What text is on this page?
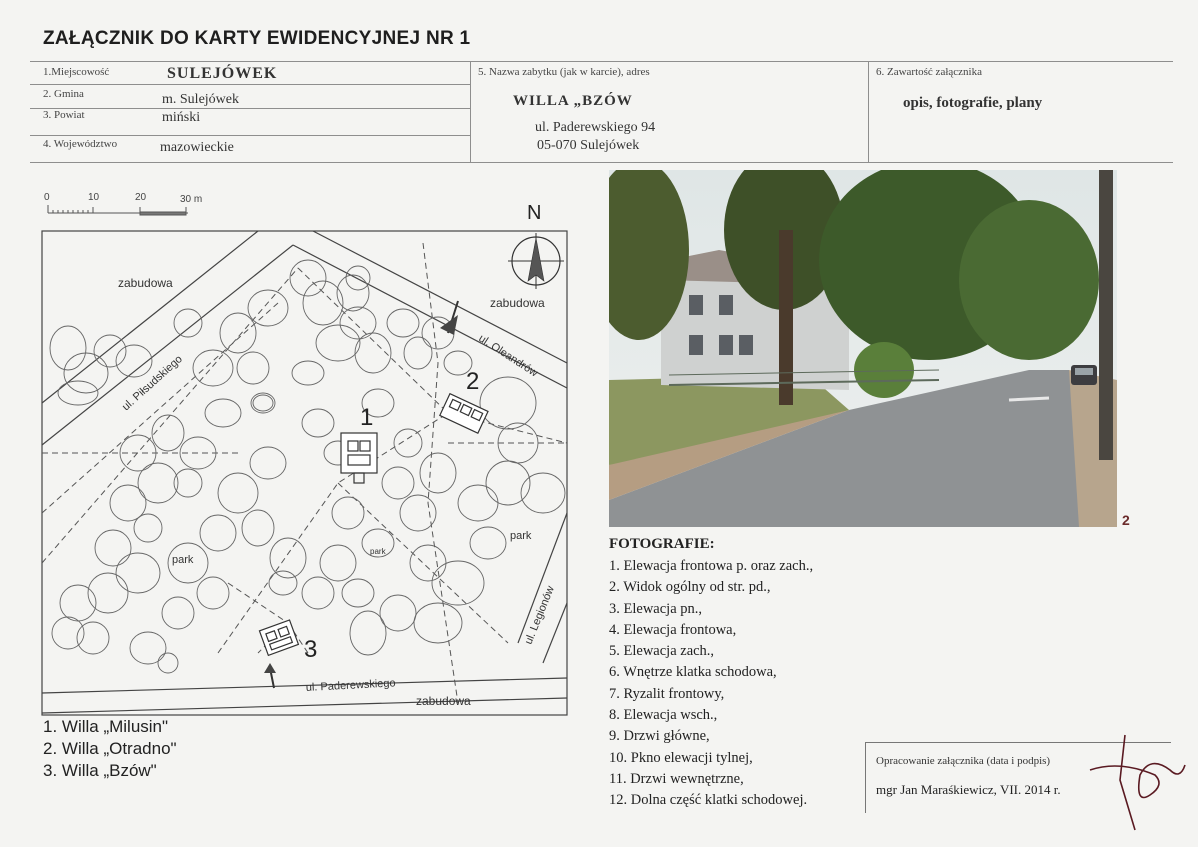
ZAŁĄCZNIK DO KARTY EWIDENCYJNEJ NR 1
1.Miejscowość	SULEJÓWEK
2. Gmina	m. Sulejówek
3. Powiat	miński
4. Województwo	mazowieckie
5. Nazwa zabytku (jak w karcie), adres
WILLA „BZÓW
ul. Paderewskiego 94
05-070 Sulejówek
6. Zawartość załącznika
opis, fotografie, plany
0	10	20	30 m
N
zabudowa
zabudowa
zabudowa
ul. Piłsudskiego	ul. Oleandrów
ul. Legionów
ul. Paderewskiego
park
park
park
1
2
3
1. Willa „Milusin"
2. Willa „Otradno"
3. Willa „Bzów"
2
FOTOGRAFIE:
1. Elewacja frontowa p. oraz zach.,
2. Widok ogólny od str. pd.,
3. Elewacja pn.,
4. Elewacja frontowa,
5. Elewacja zach.,
6. Wnętrze klatka schodowa,
7. Ryzalit frontowy,
8. Elewacja wsch.,
9. Drzwi główne,
10. Pkno elewacji tylnej,
11. Drzwi wewnętrzne,
12. Dolna część klatki schodowej.
Opracowanie załącznika (data i podpis)
mgr Jan Maraśkiewicz, VII. 2014 r.
